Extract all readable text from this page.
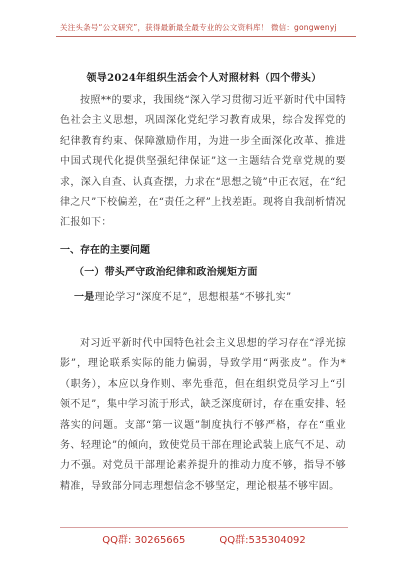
关注头条号“公文研究”，获得最新最全最专业的公文资料库！ 微信：gongwenyj
领导2024年组织生活会个人对照材料（四个带头）
按照**的要求，我围绕“深入学习贯彻习近平新时代中国特色社会主义思想，巩固深化党纪学习教育成果，综合发挥党的纪律教育约束、保障激励作用，为进一步全面深化改革、推进中国式现代化提供坚强纪律保证”这一主题结合党章党规的要求，深入自查、认真查摆，力求在“思想之镜”中正衣冠，在“纪律之尺”下校偏差，在“责任之秤”上找差距。现将自我剖析情况汇报如下：
一、存在的主要问题
（一）带头严守政治纪律和政治规矩方面
一是理论学习“深度不足”，思想根基“不够扎实”
对习近平新时代中国特色社会主义思想的学习存在“浮光掠影”，理论联系实际的能力偏弱，导致学用“两张皮”。作为*（职务），本应以身作则、率先垂范，但在组织党员学习上“引领不足”，集中学习流于形式，缺乏深度研讨，存在重安排、轻落实的问题。支部“第一议题”制度执行不够严格，存在“重业务、轻理论”的倾向，致使党员干部在理论武装上底气不足、动力不强。对党员干部理论素养提升的推动力度不够，指导不够精准，导致部分同志理想信念不够坚定，理论根基不够牢固。
QQ群: 30265665	QQ群:535304092
